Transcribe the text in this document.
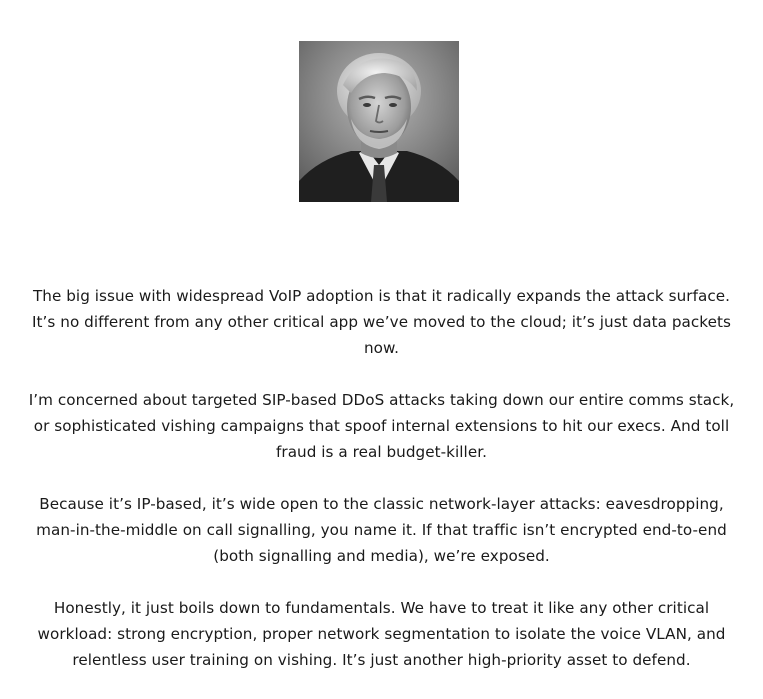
The big issue with widespread VoIP adoption is that it radically expands the attack surface. It’s no different from any other critical app we’ve moved to the cloud; it’s just data packets now.

I’m concerned about targeted SIP-based DDoS attacks taking down our entire comms stack, or sophisticated vishing campaigns that spoof internal extensions to hit our execs. And toll fraud is a real budget-killer.

Because it’s IP-based, it’s wide open to the classic network-layer attacks: eavesdropping, man-in-the-middle on call signalling, you name it. If that traffic isn’t encrypted end-to-end (both signalling and media), we’re exposed.

Honestly, it just boils down to fundamentals. We have to treat it like any other critical workload: strong encryption, proper network segmentation to isolate the voice VLAN, and relentless user training on vishing. It’s just another high-priority asset to defend.
